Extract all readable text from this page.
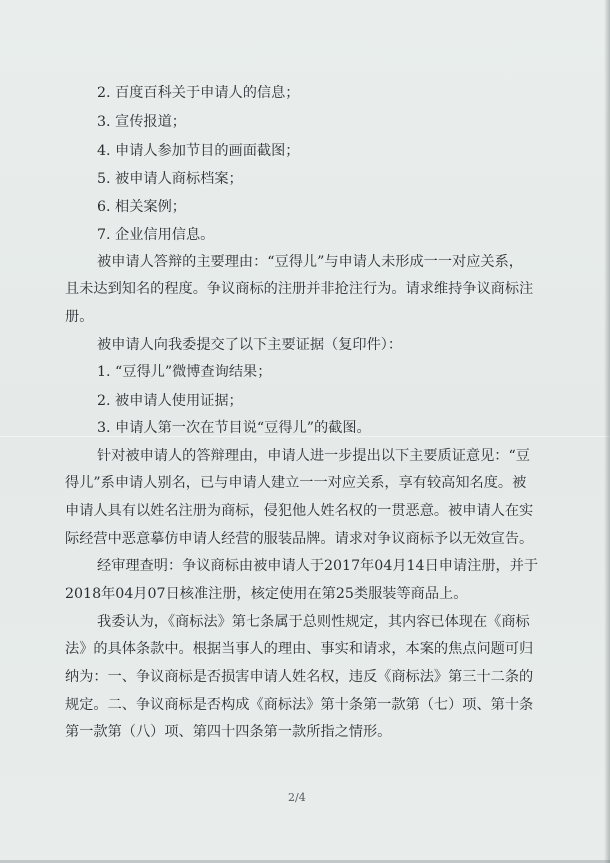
2. 百度百科关于申请人的信息；
3. 宣传报道；
4. 申请人参加节目的画面截图；
5. 被申请人商标档案；
6. 相关案例；
7. 企业信用信息。
被申请人答辩的主要理由：“豆得儿”与申请人未形成一一对应关系，
且未达到知名的程度。争议商标的注册并非抢注行为。请求维持争议商标注
册。
被申请人向我委提交了以下主要证据（复印件）：
1. “豆得儿”微博查询结果；
2. 被申请人使用证据；
3. 申请人第一次在节目说“豆得儿”的截图。
针对被申请人的答辩理由，申请人进一步提出以下主要质证意见：“豆
得儿”系申请人别名，已与申请人建立一一对应关系，享有较高知名度。被
申请人具有以姓名注册为商标，侵犯他人姓名权的一贯恶意。被申请人在实
际经营中恶意摹仿申请人经营的服装品牌。请求对争议商标予以无效宣告。
经审理查明：争议商标由被申请人于2017年04月14日申请注册，并于
2018年04月07日核准注册，核定使用在第25类服装等商品上。
我委认为，《商标法》第七条属于总则性规定，其内容已体现在《商标
法》的具体条款中。根据当事人的理由、事实和请求，本案的焦点问题可归
纳为：一、争议商标是否损害申请人姓名权，违反《商标法》第三十二条的
规定。二、争议商标是否构成《商标法》第十条第一款第（七）项、第十条
第一款第（八）项、第四十四条第一款所指之情形。
2/4
